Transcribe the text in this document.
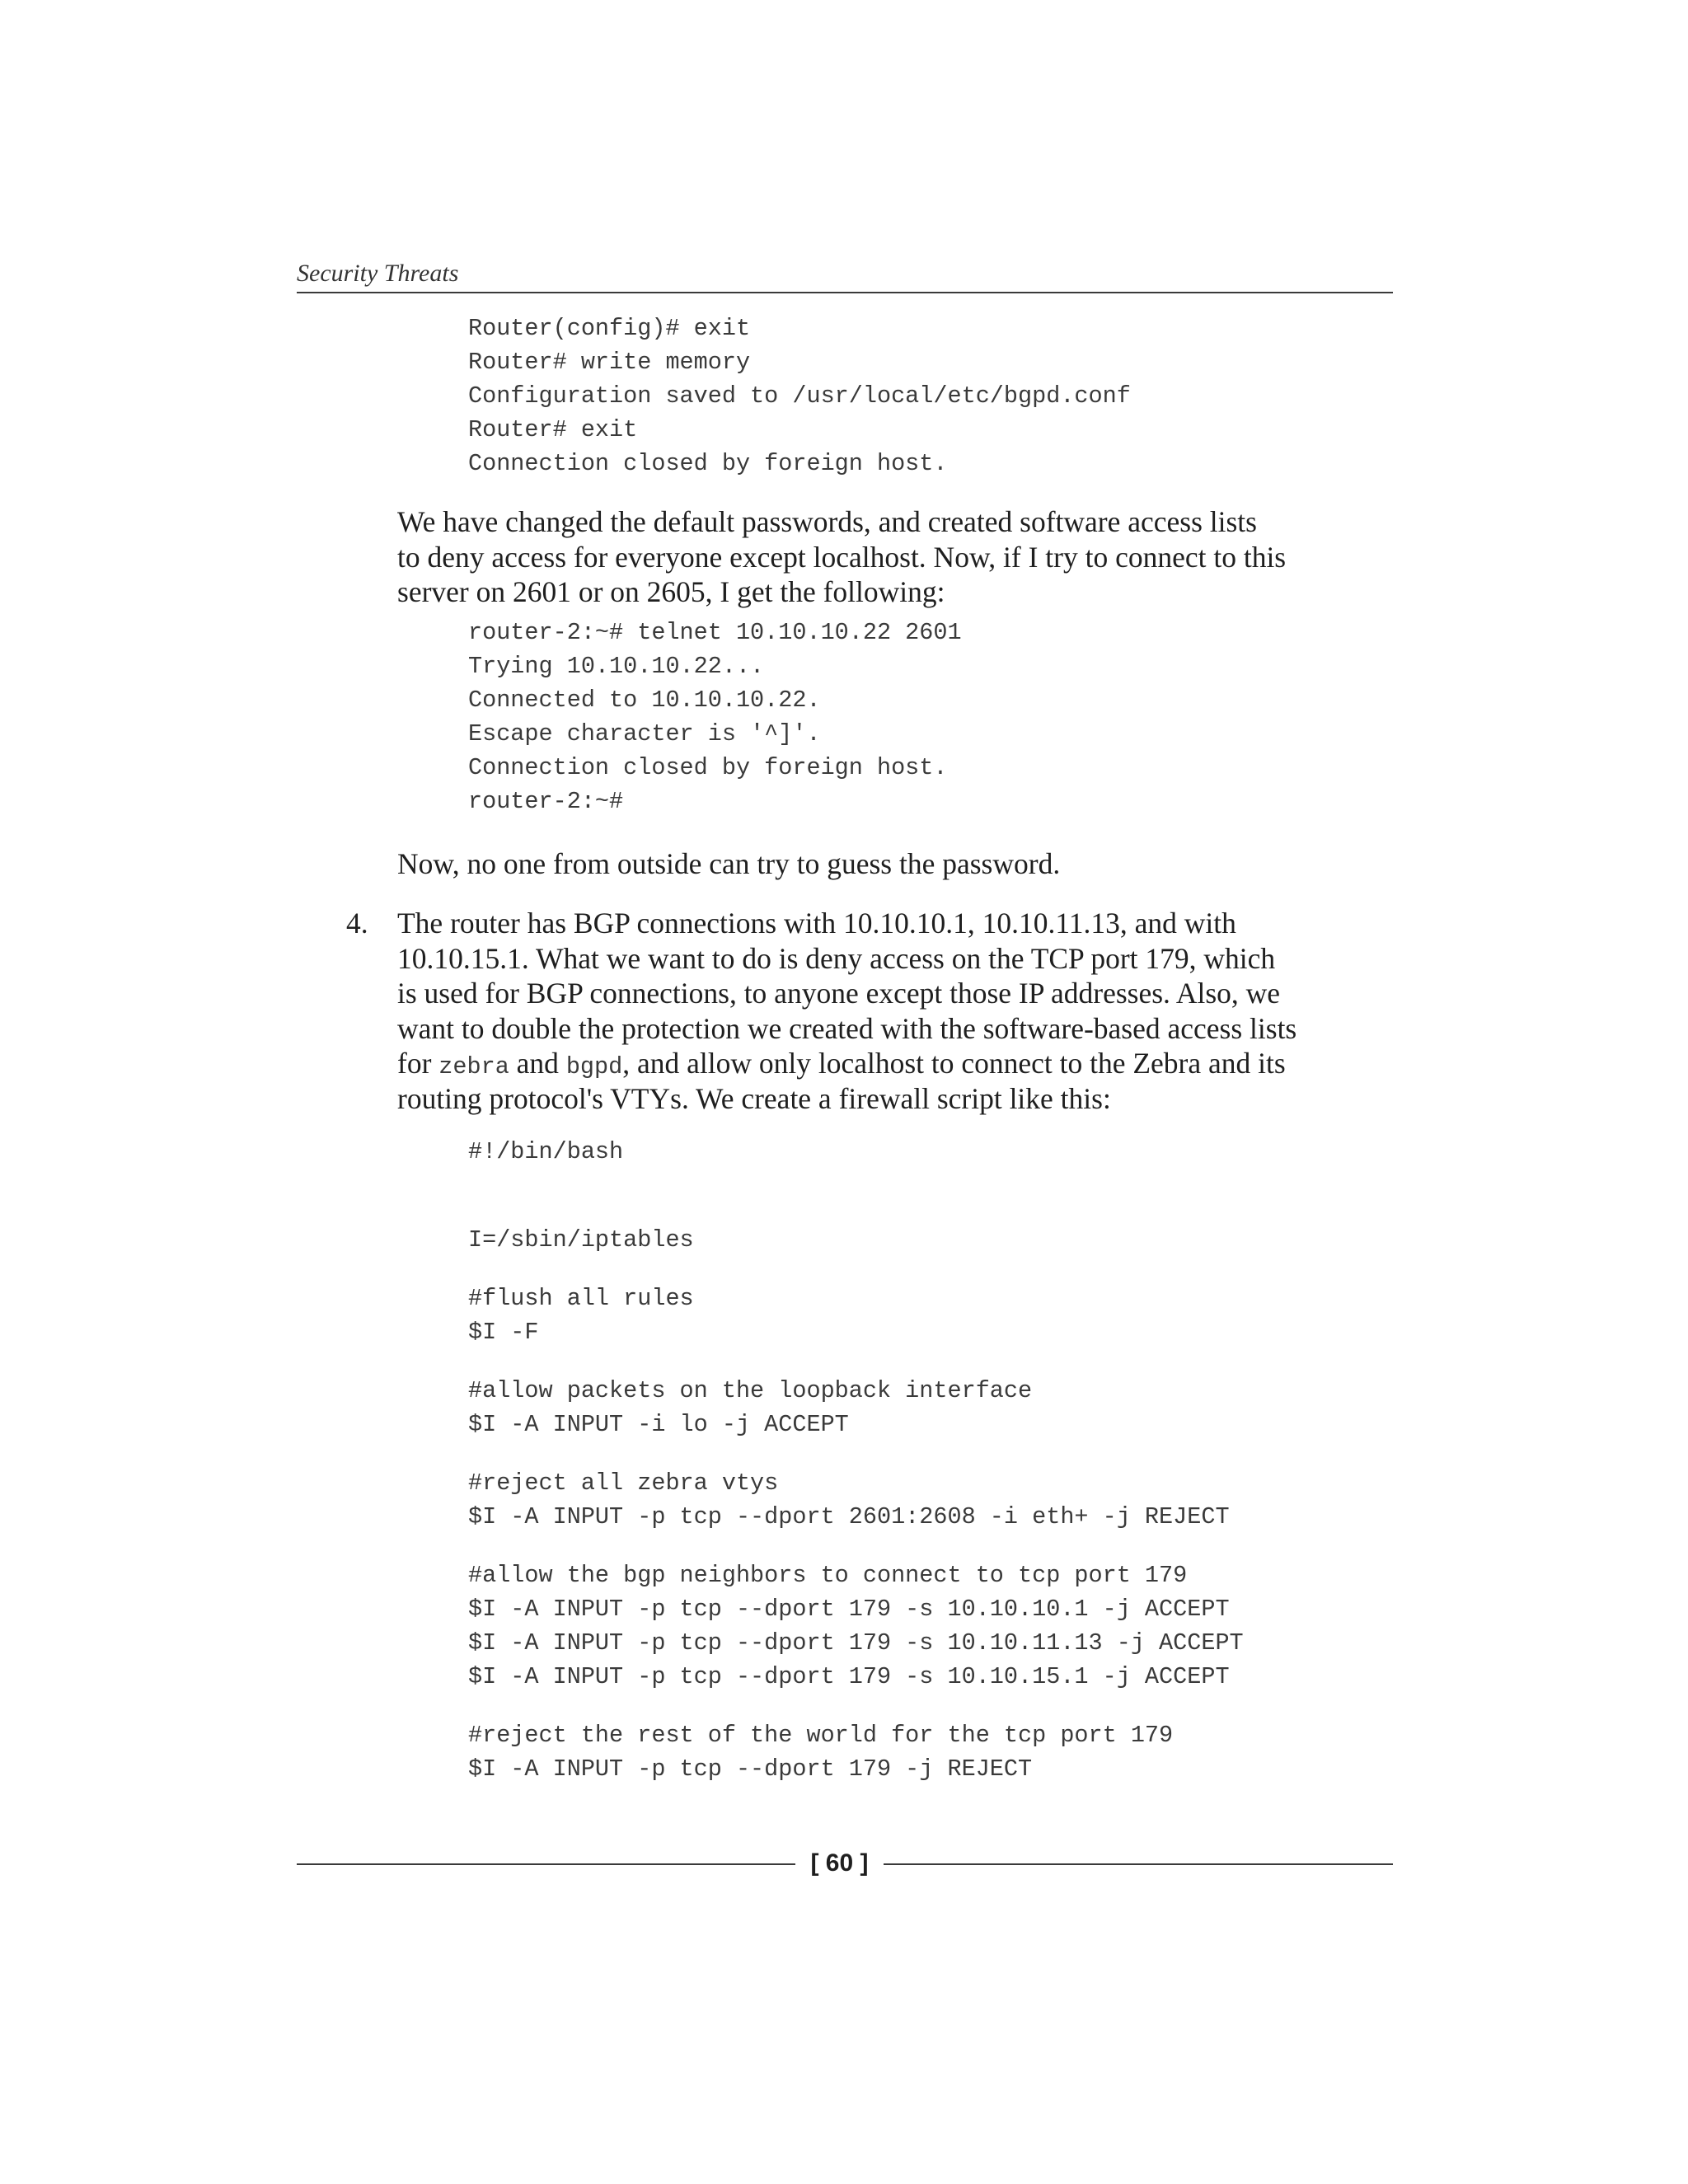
Security Threats
Router(config)# exit
Router# write memory
Configuration saved to /usr/local/etc/bgpd.conf
Router# exit
Connection closed by foreign host.
We have changed the default passwords, and created software access lists
to deny access for everyone except localhost. Now, if I try to connect to this
server on 2601 or on 2605, I get the following:
router-2:~# telnet 10.10.10.22 2601
Trying 10.10.10.22...
Connected to 10.10.10.22.
Escape character is '^]'.
Connection closed by foreign host.
router-2:~#
Now, no one from outside can try to guess the password.
4. The router has BGP connections with 10.10.10.1, 10.10.11.13, and with
10.10.15.1. What we want to do is deny access on the TCP port 179, which
is used for BGP connections, to anyone except those IP addresses. Also, we
want to double the protection we created with the software-based access lists
for zebra and bgpd, and allow only localhost to connect to the Zebra and its
routing protocol's VTYs. We create a firewall script like this:
#!/bin/bash
I=/sbin/iptables
#flush all rules
$I -F
#allow packets on the loopback interface
$I -A INPUT -i lo -j ACCEPT
#reject all zebra vtys
$I -A INPUT -p tcp --dport 2601:2608 -i eth+ -j REJECT
#allow the bgp neighbors to connect to tcp port 179
$I -A INPUT -p tcp --dport 179 -s 10.10.10.1 -j ACCEPT
$I -A INPUT -p tcp --dport 179 -s 10.10.11.13 -j ACCEPT
$I -A INPUT -p tcp --dport 179 -s 10.10.15.1 -j ACCEPT
#reject the rest of the world for the tcp port 179
$I -A INPUT -p tcp --dport 179 -j REJECT
[ 60 ]
